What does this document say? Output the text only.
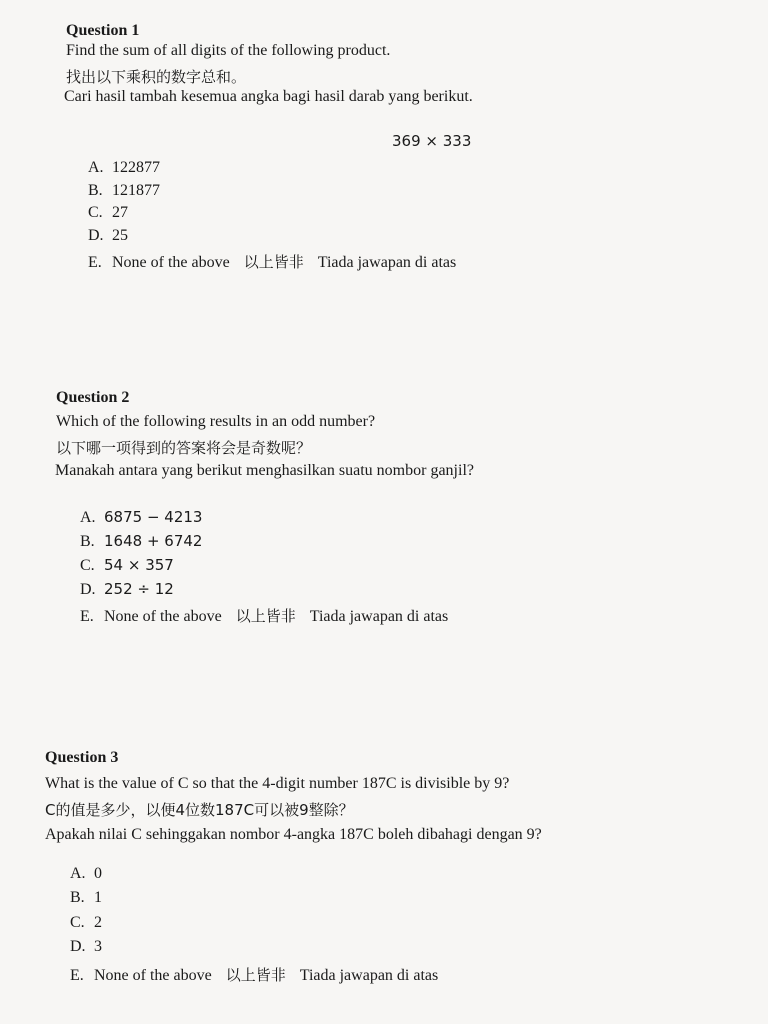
Question 1
Find the sum of all digits of the following product.
找出以下乘积的数字总和。
Cari hasil tambah kesemua angka bagi hasil darab yang berikut.
369 × 333
A. 122877
B. 121877
C. 27
D. 25
E. None of the above 以上皆非 Tiada jawapan di atas
Question 2
Which of the following results in an odd number?
以下哪一项得到的答案将会是奇数呢？
Manakah antara yang berikut menghasilkan suatu nombor ganjil?
A. 6875 − 4213
B. 1648 + 6742
C. 54 × 357
D. 252 ÷ 12
E. None of the above 以上皆非 Tiada jawapan di atas
Question 3
What is the value of C so that the 4-digit number 187C is divisible by 9?
C的值是多少，以便4位数187C可以被9整除？
Apakah nilai C sehinggakan nombor 4-angka 187C boleh dibahagi dengan 9?
A. 0
B. 1
C. 2
D. 3
E. None of the above 以上皆非 Tiada jawapan di atas
